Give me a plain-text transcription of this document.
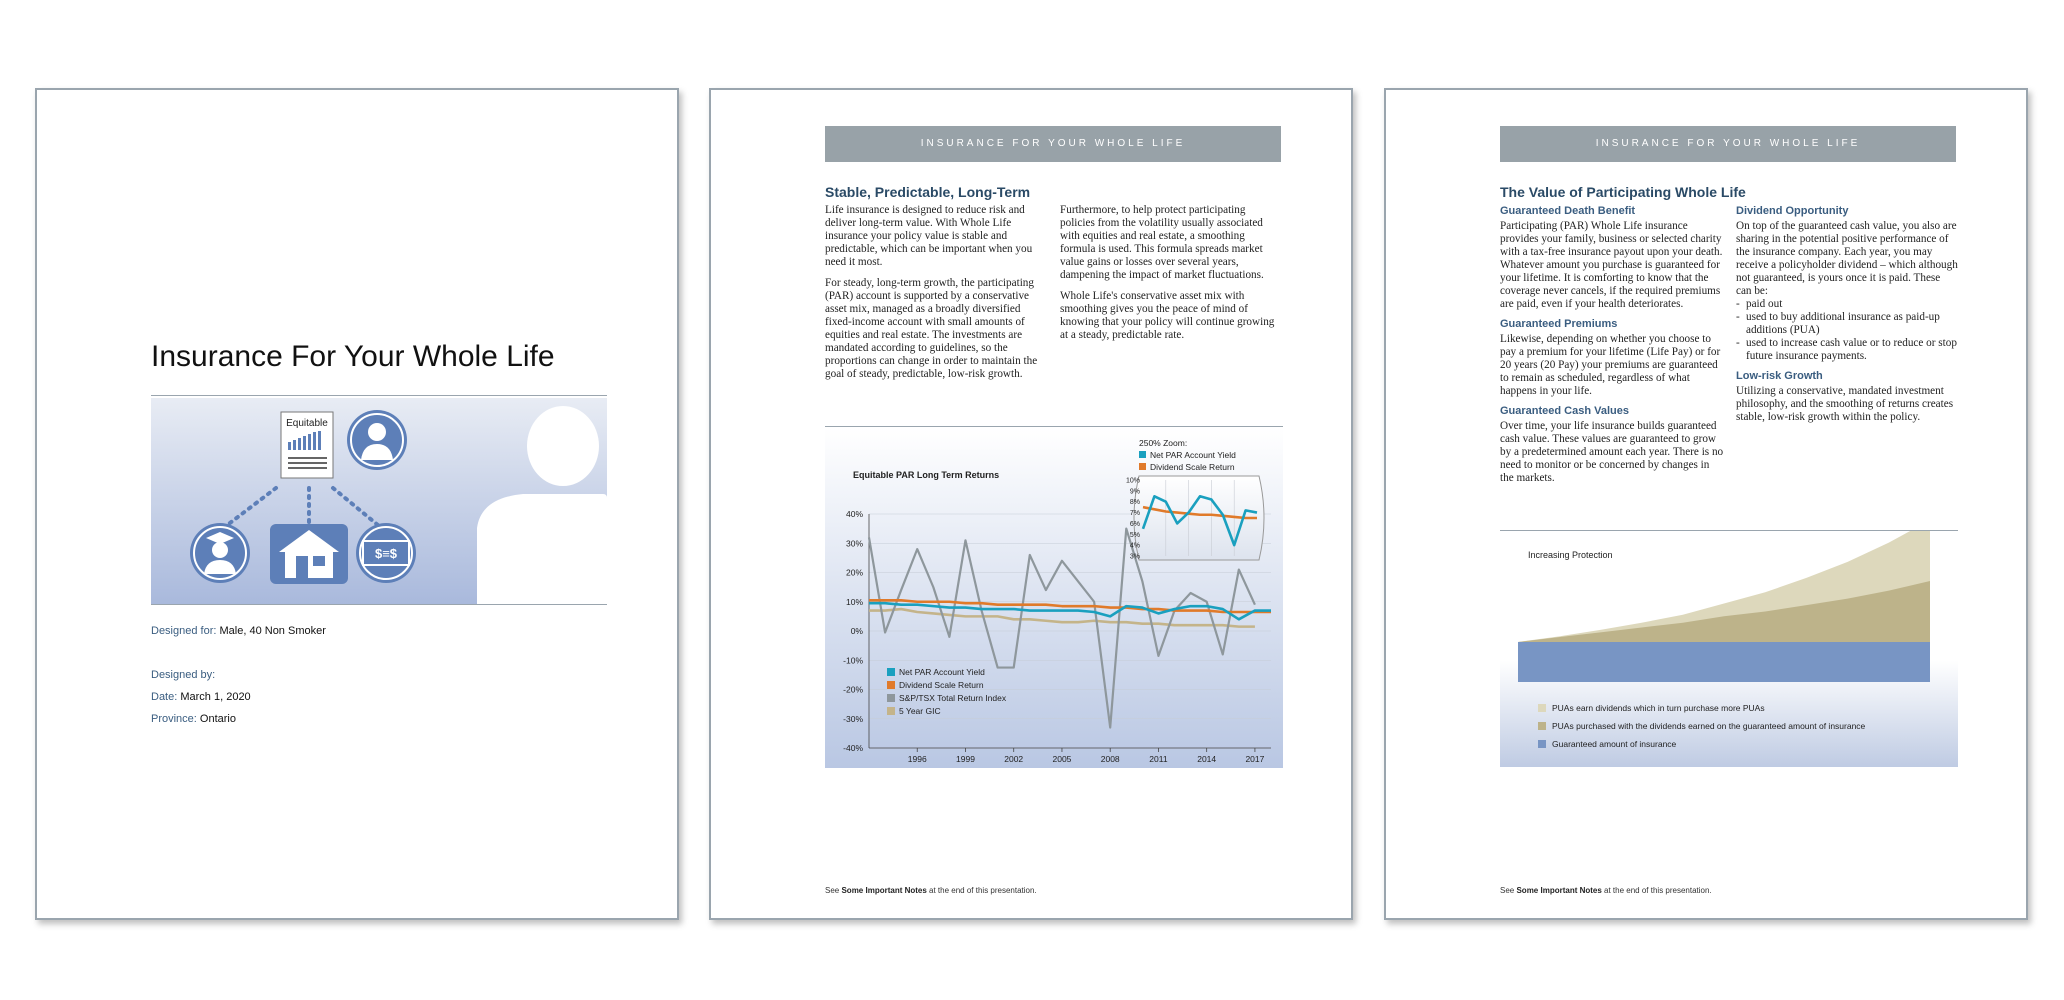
Insurance For Your Whole Life
Equitable
$≡$
Designed for: Male, 40 Non Smoker
Designed by:
Date: March 1, 2020
Province: Ontario
INSURANCE FOR YOUR WHOLE LIFE
Stable, Predictable, Long-Term

Life insurance is designed to reduce risk and deliver long-term value. With Whole Life insurance your policy value is stable and predictable, which can be important when you need it most.

For steady, long-term growth, the participating (PAR) account is supported by a conservative asset mix, managed as a broadly diversified fixed-income account with small amounts of equities and real estate. The investments are mandated according to guidelines, so the proportions can change in order to maintain the goal of steady, predictable, low-risk growth.

Furthermore, to help protect participating policies from the volatility usually associated with equities and real estate, a smoothing formula is used. This formula spreads market value gains or losses over several years, dampening the impact of market fluctuations.

Whole Life's conservative asset mix with smoothing gives you the peace of mind of knowing that your policy will continue growing at a steady, predictable rate.

Equitable PAR Long Term Returns
40%
30%
20%
10%
0%
-10%
-20%
-30%
-40%
1996	1999	2002	2005	2008	2011	2014	2017
Net PAR Account Yield
Dividend Scale Return
S&P/TSX Total Return Index
5 Year GIC
250% Zoom:
Net PAR Account Yield
Dividend Scale Return
10%
9%
8%
7%
6%
5%
4%
3%
See Some Important Notes at the end of this presentation.
INSURANCE FOR YOUR WHOLE LIFE
The Value of Participating Whole Life
Guaranteed Death Benefit
Participating (PAR) Whole Life insurance provides your family, business or selected charity with a tax-free insurance payout upon your death. Whatever amount you purchase is guaranteed for your lifetime. It is comforting to know that the coverage never cancels, if the required premiums are paid, even if your health deteriorates.
Guaranteed Premiums
Likewise, depending on whether you choose to pay a premium for your lifetime (Life Pay) or for 20 years (20 Pay) your premiums are guaranteed to remain as scheduled, regardless of what happens in your life.
Guaranteed Cash Values
Over time, your life insurance builds guaranteed cash value. These values are guaranteed to grow by a predetermined amount each year. There is no need to monitor or be concerned by changes in the markets.
Dividend Opportunity
On top of the guaranteed cash value, you also are sharing in the potential positive performance of the insurance company. Each year, you may receive a policyholder dividend – which although not guaranteed, is yours once it is paid. These can be:
- paid out
- used to buy additional insurance as paid-up additions (PUA)
- used to increase cash value or to reduce or stop future insurance payments.
Low-risk Growth
Utilizing a conservative, mandated investment philosophy, and the smoothing of returns creates stable, low-risk growth within the policy.
Increasing Protection
PUAs earn dividends which in turn purchase more PUAs
PUAs purchased with the dividends earned on the guaranteed amount of insurance
Guaranteed amount of insurance
See Some Important Notes at the end of this presentation.
